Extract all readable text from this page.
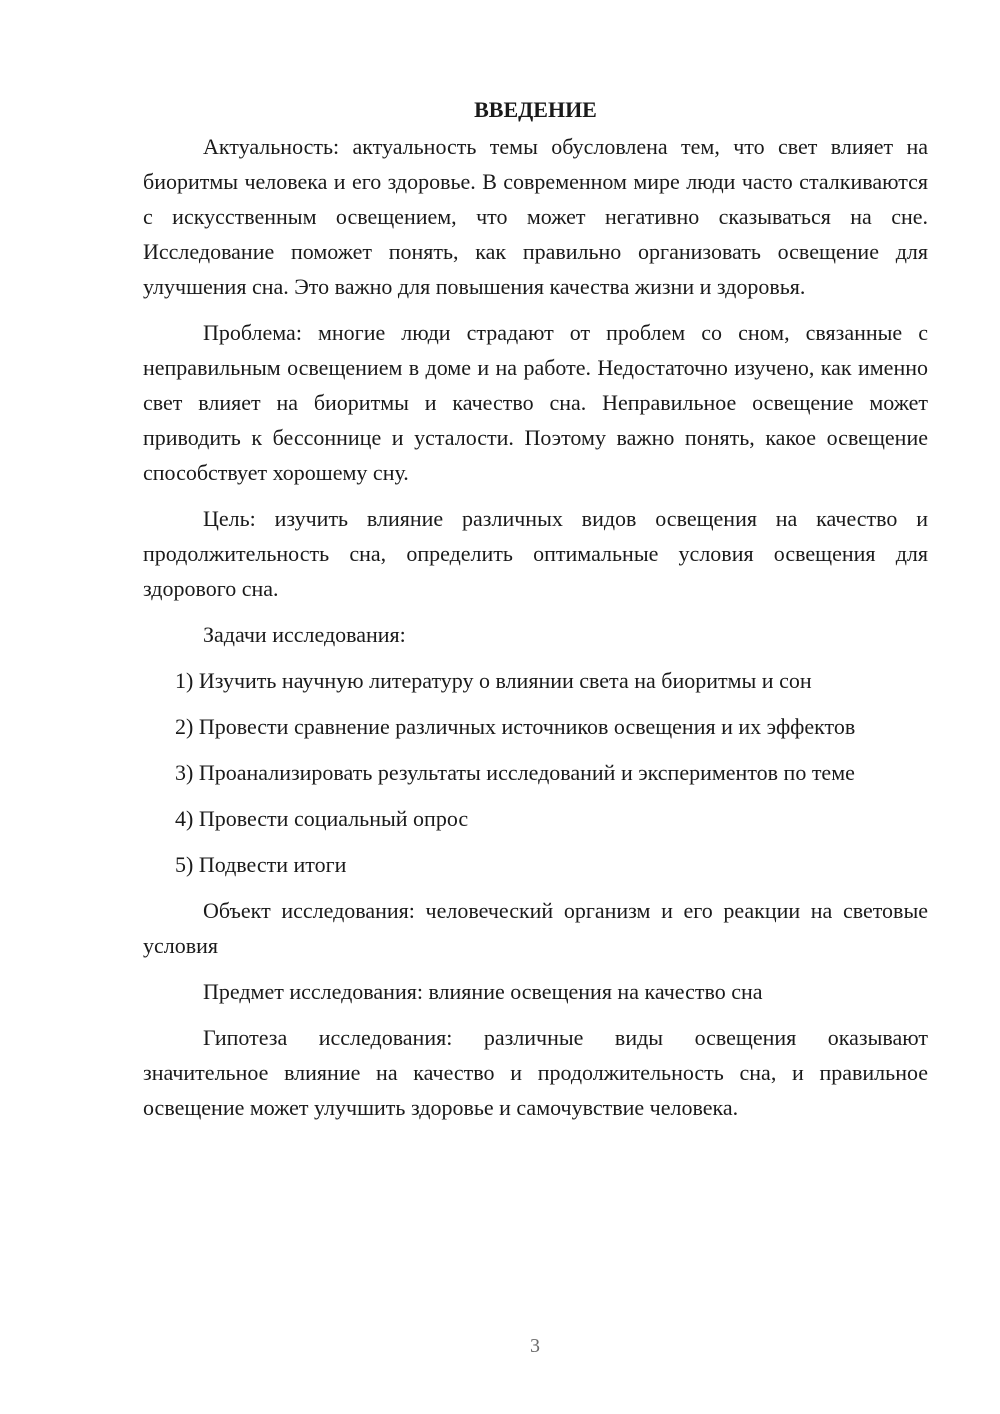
ВВЕДЕНИЕ

Актуальность: актуальность темы обусловлена тем, что свет влияет на биоритмы человека и его здоровье. В современном мире люди часто сталкиваются с искусственным освещением, что может негативно сказываться на сне. Исследование поможет понять, как правильно организовать освещение для улучшения сна. Это важно для повышения качества жизни и здоровья.

Проблема: многие люди страдают от проблем со сном, связанные с неправильным освещением в доме и на работе. Недостаточно изучено, как именно свет влияет на биоритмы и качество сна. Неправильное освещение может приводить к бессоннице и усталости. Поэтому важно понять, какое освещение способствует хорошему сну.

Цель: изучить влияние различных видов освещения на качество и продолжительность сна, определить оптимальные условия освещения для здорового сна.

Задачи исследования:

1) Изучить научную литературу о влиянии света на биоритмы и сон

2) Провести сравнение различных источников освещения и их эффектов

3) Проанализировать результаты исследований и экспериментов по теме

4) Провести социальный опрос

5) Подвести итоги

Объект исследования: человеческий организм и его реакции на световые условия

Предмет исследования: влияние освещения на качество сна

Гипотеза исследования: различные виды освещения оказывают значительное влияние на качество и продолжительность сна, и правильное освещение может улучшить здоровье и самочувствие человека.

3
